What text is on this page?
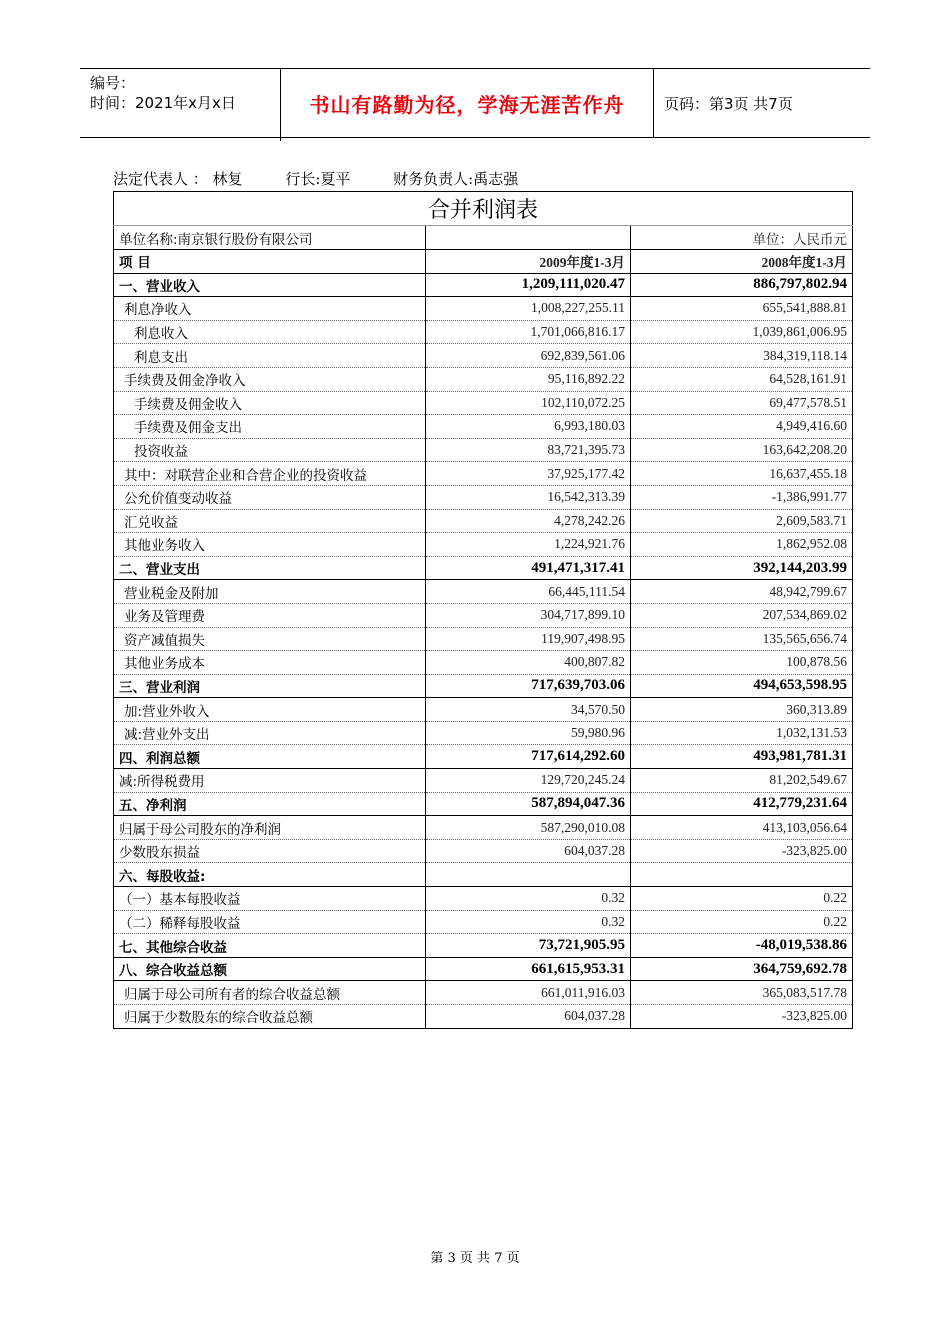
编号：
时间：2021年x月x日	书山有路勤为径，学海无涯苦作舟	页码：第3页 共7页
法定代表人 ： 林复	行长:夏平	财务负责人:禹志强
合并利润表		
单位名称:南京银行股份有限公司		单位：人民币元
项 目	2009年度1-3月	2008年度1-3月
一、营业收入	1,209,111,020.47	886,797,802.94
利息净收入	1,008,227,255.11	655,541,888.81
利息收入	1,701,066,816.17	1,039,861,006.95
利息支出	692,839,561.06	384,319,118.14
手续费及佣金净收入	95,116,892.22	64,528,161.91
手续费及佣金收入	102,110,072.25	69,477,578.51
手续费及佣金支出	6,993,180.03	4,949,416.60
投资收益	83,721,395.73	163,642,208.20
其中：对联营企业和合营企业的投资收益	37,925,177.42	16,637,455.18
公允价值变动收益	16,542,313.39	-1,386,991.77
汇兑收益	4,278,242.26	2,609,583.71
其他业务收入	1,224,921.76	1,862,952.08
二、营业支出	491,471,317.41	392,144,203.99
营业税金及附加	66,445,111.54	48,942,799.67
业务及管理费	304,717,899.10	207,534,869.02
资产减值损失	119,907,498.95	135,565,656.74
其他业务成本	400,807.82	100,878.56
三、营业利润	717,639,703.06	494,653,598.95
加:营业外收入	34,570.50	360,313.89
减:营业外支出	59,980.96	1,032,131.53
四、利润总额	717,614,292.60	493,981,781.31
减:所得税费用	129,720,245.24	81,202,549.67
五、净利润	587,894,047.36	412,779,231.64
归属于母公司股东的净利润	587,290,010.08	413,103,056.64
少数股东损益	604,037.28	-323,825.00
六、每股收益:		
（一）基本每股收益	0.32	0.22
（二）稀释每股收益	0.32	0.22
七、其他综合收益	73,721,905.95	-48,019,538.86
八、综合收益总额	661,615,953.31	364,759,692.78
归属于母公司所有者的综合收益总额	661,011,916.03	365,083,517.78
归属于少数股东的综合收益总额	604,037.28	-323,825.00
第 3 页 共 7 页
